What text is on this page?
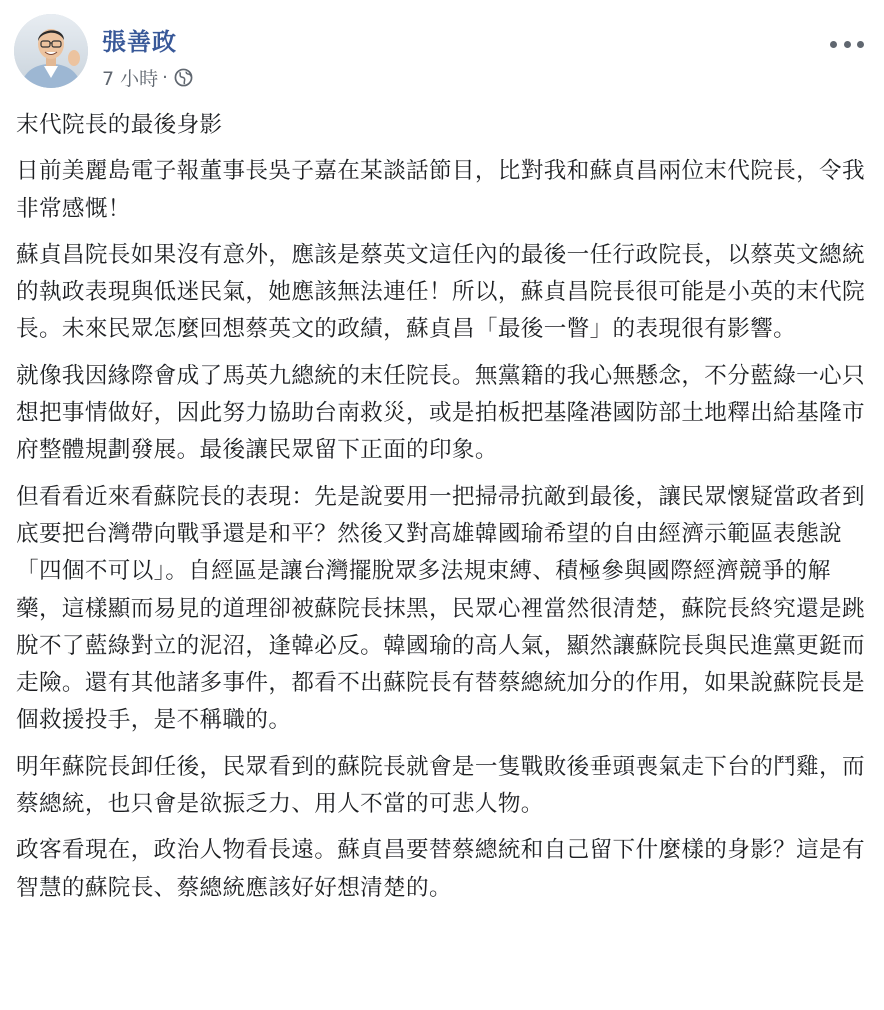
張善政
7 小時 ·

末代院長的最後身影

日前美麗島電子報董事長吳子嘉在某談話節目，比對我和蘇貞昌兩位末代院長，令我非常感慨！

蘇貞昌院長如果沒有意外，應該是蔡英文這任內的最後一任行政院長，以蔡英文總統的執政表現與低迷民氣，她應該無法連任！所以，蘇貞昌院長很可能是小英的末代院長。未來民眾怎麼回想蔡英文的政績，蘇貞昌「最後一瞥」的表現很有影響。

就像我因緣際會成了馬英九總統的末任院長。無黨籍的我心無懸念，不分藍綠一心只想把事情做好，因此努力協助台南救災，或是拍板把基隆港國防部土地釋出給基隆市府整體規劃發展。最後讓民眾留下正面的印象。

但看看近來看蘇院長的表現：先是說要用一把掃帚抗敵到最後，讓民眾懷疑當政者到底要把台灣帶向戰爭還是和平？然後又對高雄韓國瑜希望的自由經濟示範區表態說「四個不可以」。自經區是讓台灣擺脫眾多法規束縛、積極參與國際經濟競爭的解藥，這樣顯而易見的道理卻被蘇院長抹黑，民眾心裡當然很清楚，蘇院長終究還是跳脫不了藍綠對立的泥沼，逢韓必反。韓國瑜的高人氣，顯然讓蘇院長與民進黨更鋌而走險。還有其他諸多事件，都看不出蘇院長有替蔡總統加分的作用，如果說蘇院長是個救援投手，是不稱職的。

明年蘇院長卸任後，民眾看到的蘇院長就會是一隻戰敗後垂頭喪氣走下台的鬥雞，而蔡總統，也只會是欲振乏力、用人不當的可悲人物。

政客看現在，政治人物看長遠。蘇貞昌要替蔡總統和自己留下什麼樣的身影？這是有智慧的蘇院長、蔡總統應該好好想清楚的。
